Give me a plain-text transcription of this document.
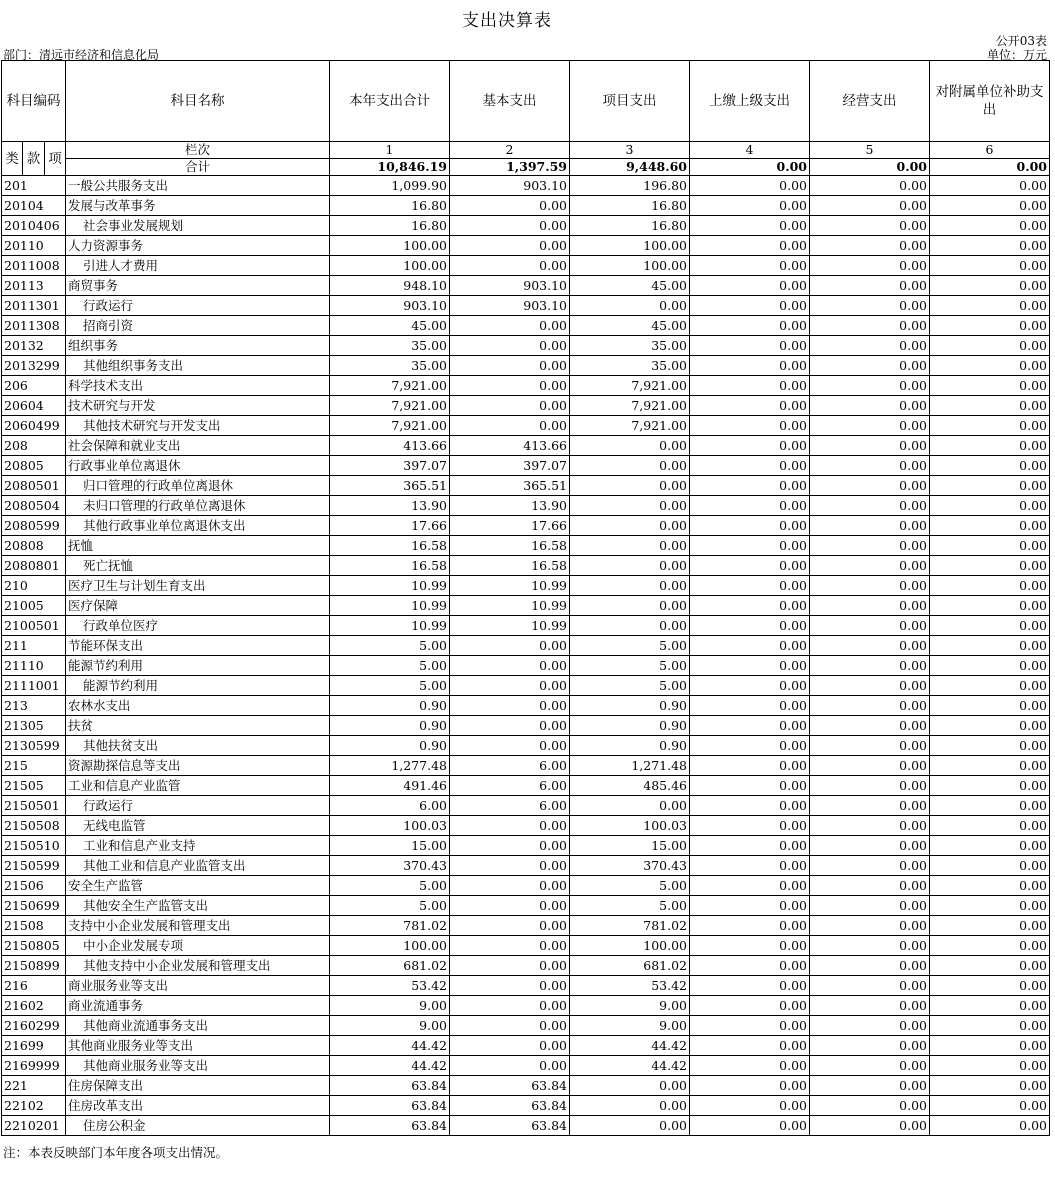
支出决算表
公开03表
部门：清远市经济和信息化局	单位：万元
科目编码			科目名称	本年支出合计	基本支出	项目支出	上缴上级支出	经营支出	对附属单位补助支出
类	款	项	栏次	1	2	3	4	5	6
			合计	10,846.19	1,397.59	9,448.60	0.00	0.00	0.00
201			一般公共服务支出	1,099.90	903.10	196.80	0.00	0.00	0.00
20104			发展与改革事务	16.80	0.00	16.80	0.00	0.00	0.00
2010406			社会事业发展规划	16.80	0.00	16.80	0.00	0.00	0.00
20110			人力资源事务	100.00	0.00	100.00	0.00	0.00	0.00
2011008			引进人才费用	100.00	0.00	100.00	0.00	0.00	0.00
20113			商贸事务	948.10	903.10	45.00	0.00	0.00	0.00
2011301			行政运行	903.10	903.10	0.00	0.00	0.00	0.00
2011308			招商引资	45.00	0.00	45.00	0.00	0.00	0.00
20132			组织事务	35.00	0.00	35.00	0.00	0.00	0.00
2013299			其他组织事务支出	35.00	0.00	35.00	0.00	0.00	0.00
206			科学技术支出	7,921.00	0.00	7,921.00	0.00	0.00	0.00
20604			技术研究与开发	7,921.00	0.00	7,921.00	0.00	0.00	0.00
2060499			其他技术研究与开发支出	7,921.00	0.00	7,921.00	0.00	0.00	0.00
208			社会保障和就业支出	413.66	413.66	0.00	0.00	0.00	0.00
20805			行政事业单位离退休	397.07	397.07	0.00	0.00	0.00	0.00
2080501			归口管理的行政单位离退休	365.51	365.51	0.00	0.00	0.00	0.00
2080504			未归口管理的行政单位离退休	13.90	13.90	0.00	0.00	0.00	0.00
2080599			其他行政事业单位离退休支出	17.66	17.66	0.00	0.00	0.00	0.00
20808			抚恤	16.58	16.58	0.00	0.00	0.00	0.00
2080801			死亡抚恤	16.58	16.58	0.00	0.00	0.00	0.00
210			医疗卫生与计划生育支出	10.99	10.99	0.00	0.00	0.00	0.00
21005			医疗保障	10.99	10.99	0.00	0.00	0.00	0.00
2100501			行政单位医疗	10.99	10.99	0.00	0.00	0.00	0.00
211			节能环保支出	5.00	0.00	5.00	0.00	0.00	0.00
21110			能源节约利用	5.00	0.00	5.00	0.00	0.00	0.00
2111001			能源节约利用	5.00	0.00	5.00	0.00	0.00	0.00
213			农林水支出	0.90	0.00	0.90	0.00	0.00	0.00
21305			扶贫	0.90	0.00	0.90	0.00	0.00	0.00
2130599			其他扶贫支出	0.90	0.00	0.90	0.00	0.00	0.00
215			资源勘探信息等支出	1,277.48	6.00	1,271.48	0.00	0.00	0.00
21505			工业和信息产业监管	491.46	6.00	485.46	0.00	0.00	0.00
2150501			行政运行	6.00	6.00	0.00	0.00	0.00	0.00
2150508			无线电监管	100.03	0.00	100.03	0.00	0.00	0.00
2150510			工业和信息产业支持	15.00	0.00	15.00	0.00	0.00	0.00
2150599			其他工业和信息产业监管支出	370.43	0.00	370.43	0.00	0.00	0.00
21506			安全生产监管	5.00	0.00	5.00	0.00	0.00	0.00
2150699			其他安全生产监管支出	5.00	0.00	5.00	0.00	0.00	0.00
21508			支持中小企业发展和管理支出	781.02	0.00	781.02	0.00	0.00	0.00
2150805			中小企业发展专项	100.00	0.00	100.00	0.00	0.00	0.00
2150899			其他支持中小企业发展和管理支出	681.02	0.00	681.02	0.00	0.00	0.00
216			商业服务业等支出	53.42	0.00	53.42	0.00	0.00	0.00
21602			商业流通事务	9.00	0.00	9.00	0.00	0.00	0.00
2160299			其他商业流通事务支出	9.00	0.00	9.00	0.00	0.00	0.00
21699			其他商业服务业等支出	44.42	0.00	44.42	0.00	0.00	0.00
2169999			其他商业服务业等支出	44.42	0.00	44.42	0.00	0.00	0.00
221			住房保障支出	63.84	63.84	0.00	0.00	0.00	0.00
22102			住房改革支出	63.84	63.84	0.00	0.00	0.00	0.00
2210201			住房公积金	63.84	63.84	0.00	0.00	0.00	0.00
注：本表反映部门本年度各项支出情况。
